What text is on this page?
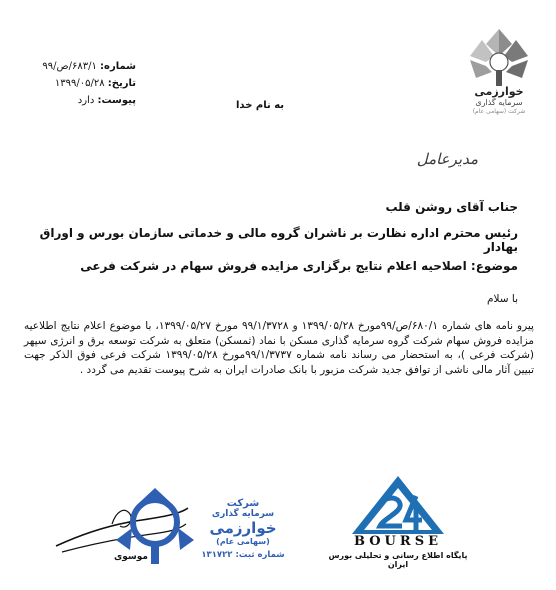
خوارزمی
سرمایه گذاری
شرکت (سهامی عام)
شماره: ۶۸۳/۱/ص/۹۹
تاریخ: ۱۳۹۹/۰۵/۲۸
پیوست: دارد	به نام خدا
مدیرعامل
جناب آقای روشن قلب
رئیس محترم اداره نظارت بر ناشران گروه مالی و خدماتی سازمان بورس و اوراق بهادار
موضوع: اصلاحیه اعلام نتایج برگزاری مزایده فروش سهام در شرکت فرعی
با سلام
پیرو نامه های شماره ۶۸۰/۱/ص/۹۹مورخ ۱۳۹۹/۰۵/۲۸ و ۹۹/۱/۳۷۲۸ مورخ ۱۳۹۹/۰۵/۲۷، با موضوع اعلام نتایج اطلاعیه مزایده فروش سهام شرکت گروه سرمایه گذاری مسکن با نماد (ثمسکن) متعلق به شرکت توسعه برق و انرژی سپهر (شرکت فرعی )، به استحضار می رساند نامه شماره ۹۹/۱/۳۷۳۷مورخ ۱۳۹۹/۰۵/۲۸ شرکت فرعی فوق الذکر جهت تبیین آثار مالی ناشی از توافق جدید شرکت مزبور با بانک صادرات ایران به شرح پیوست تقدیم می گردد .
شرکت
سرمایه گذاری
خوارزمی
(سهامی عام)
شماره ثبت: ۱۳۱۷۲۲
موسوی
BOURSE
پایگاه اطلاع رسانی و تحلیلی بورس ایران
